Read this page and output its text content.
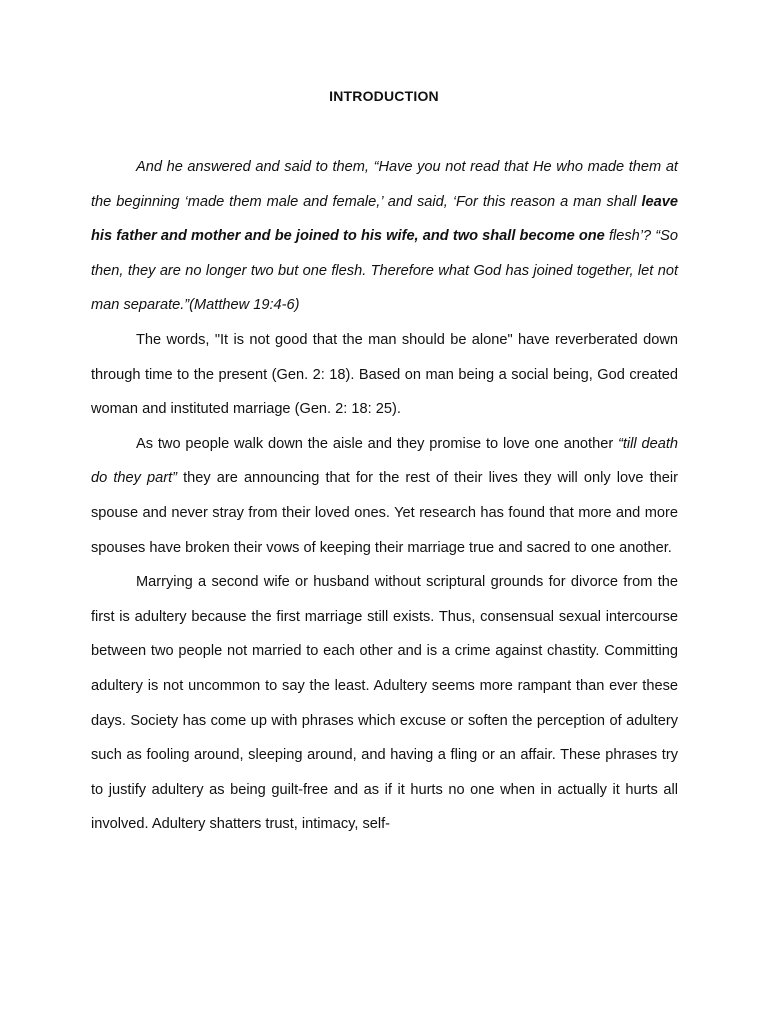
INTRODUCTION

And he answered and said to them, “Have you not read that He who made them at the beginning ‘made them male and female,’ and said, ‘For this reason a man shall leave his father and mother and be joined to his wife, and two shall become one flesh’? “So then, they are no longer two but one flesh. Therefore what God has joined together, let not man separate.”(Matthew 19:4-6)

The words, "It is not good that the man should be alone" have reverberated down through time to the present (Gen. 2: 18). Based on man being a social being, God created woman and instituted marriage (Gen. 2: 18: 25).

As two people walk down the aisle and they promise to love one another “till death do they part” they are announcing that for the rest of their lives they will only love their spouse and never stray from their loved ones. Yet research has found that more and more spouses have broken their vows of keeping their marriage true and sacred to one another.

Marrying a second wife or husband without scriptural grounds for divorce from the first is adultery because the first marriage still exists. Thus, consensual sexual intercourse between two people not married to each other and is a crime against chastity. Committing adultery is not uncommon to say the least. Adultery seems more rampant than ever these days. Society has come up with phrases which excuse or soften the perception of adultery such as fooling around, sleeping around, and having a fling or an affair. These phrases try to justify adultery as being guilt-free and as if it hurts no one when in actually it hurts all involved. Adultery shatters trust, intimacy, self-
